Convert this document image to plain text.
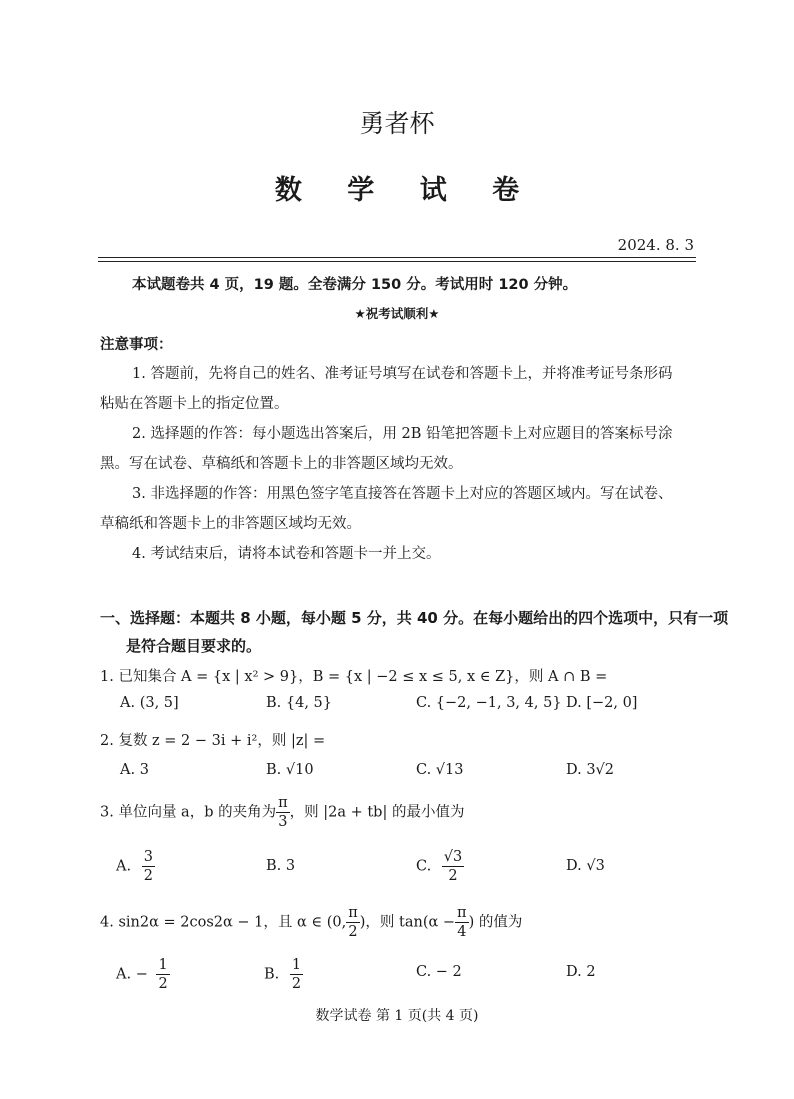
勇者杯
数 学 试 卷
2024. 8. 3
本试题卷共 4 页，19 题。全卷满分 150 分。考试用时 120 分钟。
★祝考试顺利★
注意事项：
1. 答题前，先将自己的姓名、准考证号填写在试卷和答题卡上，并将准考证号条形码
粘贴在答题卡上的指定位置。
2. 选择题的作答：每小题选出答案后，用 2B 铅笔把答题卡上对应题目的答案标号涂
黑。写在试卷、草稿纸和答题卡上的非答题区域均无效。
3. 非选择题的作答：用黑色签字笔直接答在答题卡上对应的答题区域内。写在试卷、
草稿纸和答题卡上的非答题区域均无效。
4. 考试结束后，请将本试卷和答题卡一并上交。
一、选择题：本题共 8 小题，每小题 5 分，共 40 分。在每小题给出的四个选项中，只有一项
是符合题目要求的。
1. 已知集合 A = {x | x² > 9}，B = {x | −2 ≤ x ≤ 5, x ∈ Z}，则 A ∩ B =
A. (3, 5]	B. {4, 5}	C. {−2, −1, 3, 4, 5} D. [−2, 0]
2. 复数 z = 2 − 3i + i²，则 |z| =
A. 3	B. √10	C. √13	D. 3√2
3. 单位向量 a，b 的夹角为 $\frac{\pi}{3}$ ，则 |2a + tb| 的最小值为
A. $\frac{3}{2}$	B. 3	C. $\frac{√3}{2}$	D. √3
4. sin2α = 2cos2α − 1，且 α ∈ (0, $\frac{\pi}{2}$ )，则 $\tan(\alpha - \frac{\pi}{4}$ ) 的值为
A. − $\frac{1}{2}$	B. $\frac{1}{2}$	C. − 2	D. 2
数学试卷 第 1 页(共 4 页)
